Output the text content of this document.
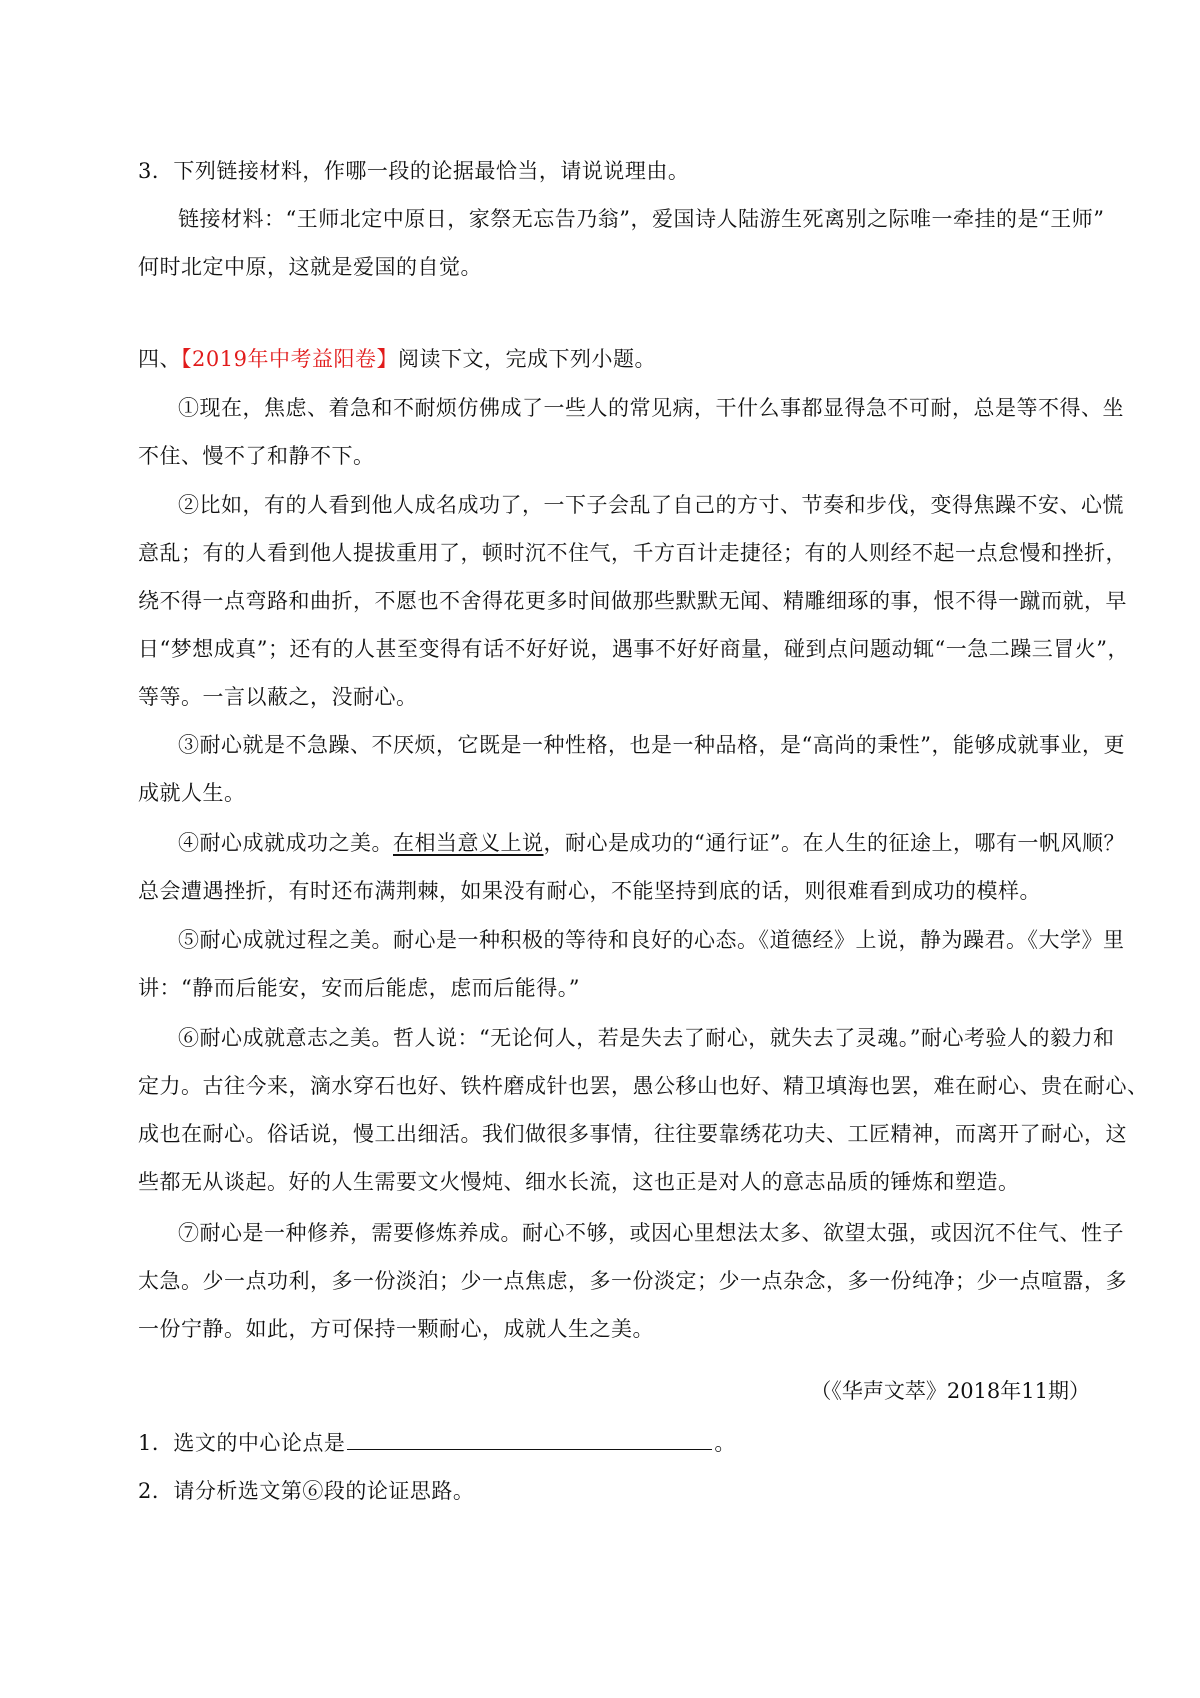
3．下列链接材料，作哪一段的论据最恰当，请说说理由。
链接材料：“王师北定中原日，家祭无忘告乃翁”，爱国诗人陆游生死离别之际唯一牵挂的是“王师”
何时北定中原，这就是爱国的自觉。
四、【2019年中考益阳卷】阅读下文，完成下列小题。
①现在，焦虑、着急和不耐烦仿佛成了一些人的常见病，干什么事都显得急不可耐，总是等不得、坐
不住、慢不了和静不下。
②比如，有的人看到他人成名成功了，一下子会乱了自己的方寸、节奏和步伐，变得焦躁不安、心慌
意乱；有的人看到他人提拔重用了，顿时沉不住气，千方百计走捷径；有的人则经不起一点怠慢和挫折，
绕不得一点弯路和曲折，不愿也不舍得花更多时间做那些默默无闻、精雕细琢的事，恨不得一蹴而就，早
日“梦想成真”；还有的人甚至变得有话不好好说，遇事不好好商量，碰到点问题动辄“一急二躁三冒火”，
等等。一言以蔽之，没耐心。
③耐心就是不急躁、不厌烦，它既是一种性格，也是一种品格，是“高尚的秉性”，能够成就事业，更
成就人生。
④耐心成就成功之美。在相当意义上说，耐心是成功的“通行证”。在人生的征途上，哪有一帆风顺？
总会遭遇挫折，有时还布满荆棘，如果没有耐心，不能坚持到底的话，则很难看到成功的模样。
⑤耐心成就过程之美。耐心是一种积极的等待和良好的心态。《道德经》上说，静为躁君。《大学》里
讲：“静而后能安，安而后能虑，虑而后能得。”
⑥耐心成就意志之美。哲人说：“无论何人，若是失去了耐心，就失去了灵魂。”耐心考验人的毅力和
定力。古往今来，滴水穿石也好、铁杵磨成针也罢，愚公移山也好、精卫填海也罢，难在耐心、贵在耐心、
成也在耐心。俗话说，慢工出细活。我们做很多事情，往往要靠绣花功夫、工匠精神，而离开了耐心，这
些都无从谈起。好的人生需要文火慢炖、细水长流，这也正是对人的意志品质的锤炼和塑造。
⑦耐心是一种修养，需要修炼养成。耐心不够，或因心里想法太多、欲望太强，或因沉不住气、性子
太急。少一点功利，多一份淡泊；少一点焦虑，多一份淡定；少一点杂念，多一份纯净；少一点喧嚣，多
一份宁静。如此，方可保持一颗耐心，成就人生之美。
（《华声文萃》2018年11期）
1．选文的中心论点是	。
2．请分析选文第⑥段的论证思路。
